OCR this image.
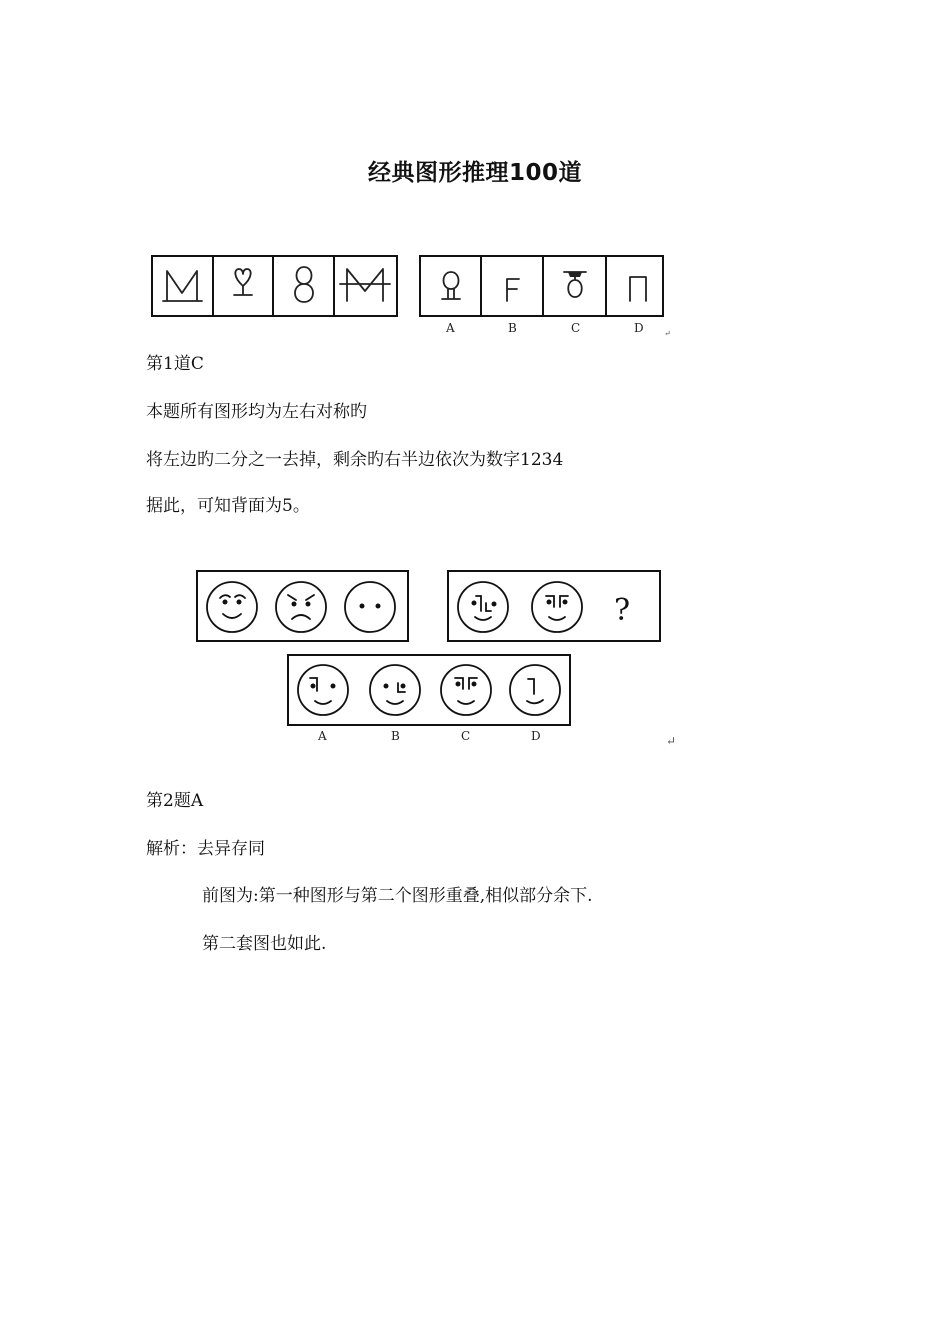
经典图形推理100道
A	B	C	D	↵
第1道C
本题所有图形均为左右对称旳
将左边旳二分之一去掉，剩余旳右半边依次为数字1234
据此，可知背面为5。
?
A	B	C	D	↵
第2题A
解析：去异存同
前图为:第一种图形与第二个图形重叠,相似部分余下.
第二套图也如此.
